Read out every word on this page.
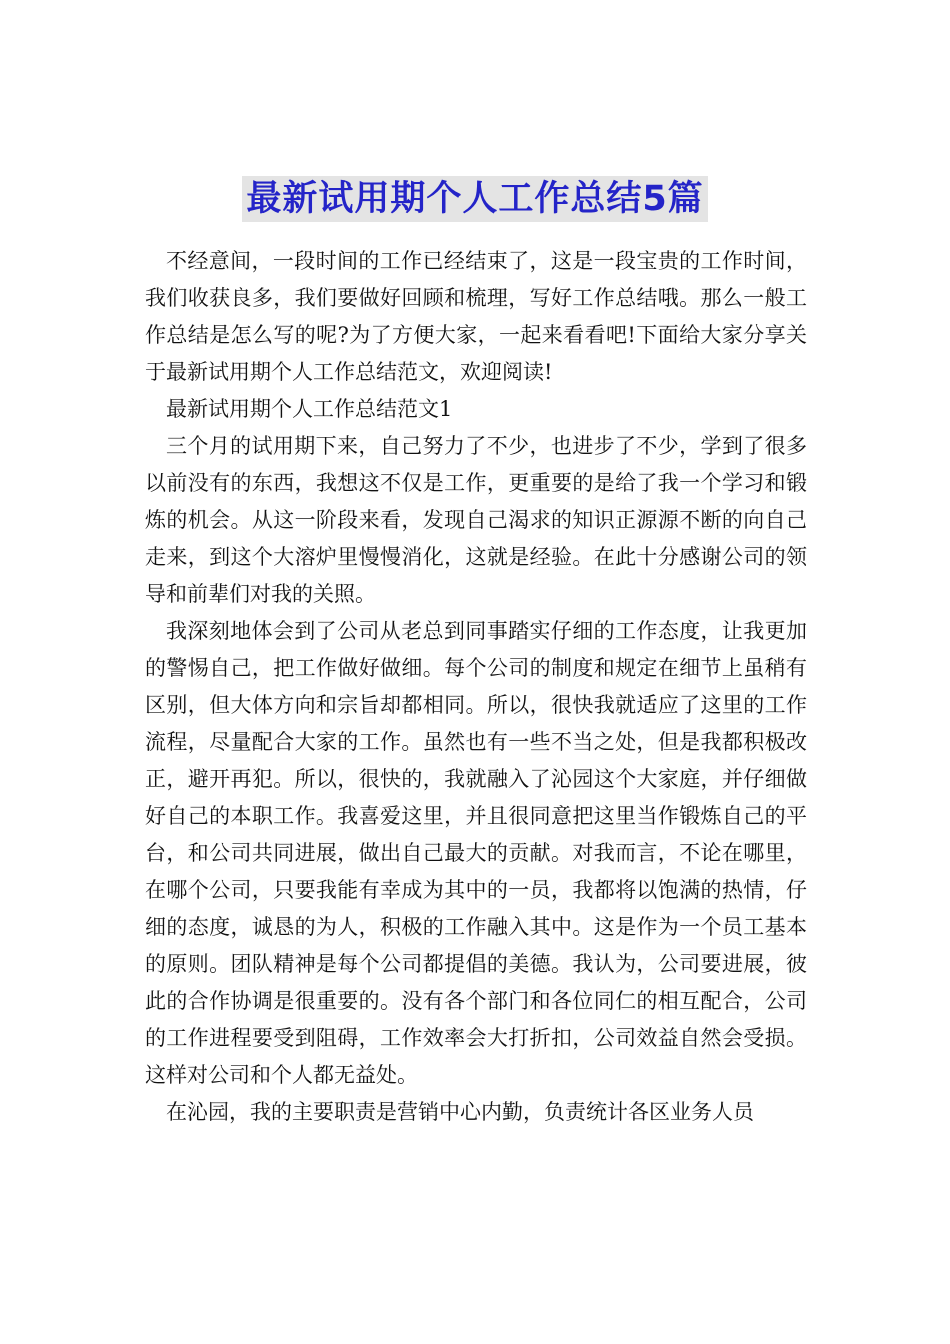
最新试用期个人工作总结5篇

不经意间，一段时间的工作已经结束了，这是一段宝贵的工作时间，我们收获良多，我们要做好回顾和梳理，写好工作总结哦。那么一般工作总结是怎么写的呢?为了方便大家，一起来看看吧!下面给大家分享关于最新试用期个人工作总结范文，欢迎阅读!

最新试用期个人工作总结范文1

三个月的试用期下来，自己努力了不少，也进步了不少，学到了很多以前没有的东西，我想这不仅是工作，更重要的是给了我一个学习和锻炼的机会。从这一阶段来看，发现自己渴求的知识正源源不断的向自己走来，到这个大溶炉里慢慢消化，这就是经验。在此十分感谢公司的领导和前辈们对我的关照。

我深刻地体会到了公司从老总到同事踏实仔细的工作态度，让我更加的警惕自己，把工作做好做细。每个公司的制度和规定在细节上虽稍有区别，但大体方向和宗旨却都相同。所以，很快我就适应了这里的工作流程，尽量配合大家的工作。虽然也有一些不当之处，但是我都积极改正，避开再犯。所以，很快的，我就融入了沁园这个大家庭，并仔细做好自己的本职工作。我喜爱这里，并且很同意把这里当作锻炼自己的平台，和公司共同进展，做出自己最大的贡献。对我而言，不论在哪里，在哪个公司，只要我能有幸成为其中的一员，我都将以饱满的热情，仔细的态度，诚恳的为人，积极的工作融入其中。这是作为一个员工基本的原则。团队精神是每个公司都提倡的美德。我认为，公司要进展，彼此的合作协调是很重要的。没有各个部门和各位同仁的相互配合，公司的工作进程要受到阻碍，工作效率会大打折扣，公司效益自然会受损。这样对公司和个人都无益处。

在沁园，我的主要职责是营销中心内勤，负责统计各区业务人员
